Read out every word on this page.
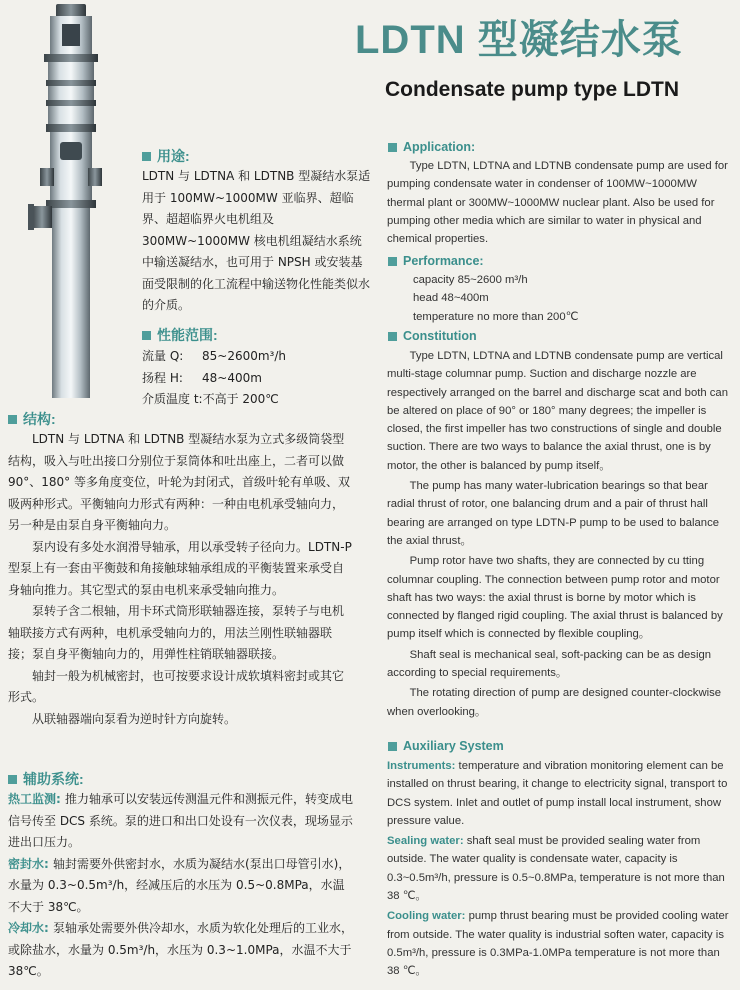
LDTN 型凝结水泵
Condensate pump type LDTN
用途:
LDTN 与 LDTNA 和 LDTNB 型凝结水泵适用于 100MW~1000MW 亚临界、超临界、超超临界火电机组及 300MW~1000MW 核电机组凝结水系统中输送凝结水，也可用于 NPSH 或安装基面受限制的化工流程中输送物化性能类似水的介质。
性能范围:
流量 Q: 85~2600m³/h
扬程 H: 48~400m
介质温度 t:不高于 200℃
结构:
LDTN 与 LDTNA 和 LDTNB 型凝结水泵为立式多级筒袋型结构，吸入与吐出接口分别位于泵筒体和吐出座上，二者可以做 90°、180° 等多角度变位，叶轮为封闭式，首级叶轮有单吸、双吸两种形式。平衡轴向力形式有两种：一种由电机承受轴向力，另一种是由泵自身平衡轴向力。
泵内设有多处水润滑导轴承，用以承受转子径向力。LDTN-P 型泵上有一套由平衡鼓和角接触球轴承组成的平衡装置来承受自身轴向推力。其它型式的泵由电机来承受轴向推力。
泵转子含二根轴，用卡环式筒形联轴器连接，泵转子与电机轴联接方式有两种，电机承受轴向力的，用法兰刚性联轴器联接；泵自身平衡轴向力的，用弹性柱销联轴器联接。
轴封一般为机械密封，也可按要求设计成软填料密封或其它形式。
从联轴器端向泵看为逆时针方向旋转。
辅助系统:
热工监测: 推力轴承可以安装远传测温元件和测振元件，转变成电信号传至 DCS 系统。泵的进口和出口处设有一次仪表，现场显示进出口压力。
密封水: 轴封需要外供密封水，水质为凝结水(泵出口母管引水)，水量为 0.3~0.5m³/h，经减压后的水压为 0.5~0.8MPa，水温不大于 38℃。
冷却水: 泵轴承处需要外供冷却水，水质为软化处理后的工业水，或除盐水，水量为 0.5m³/h，水压为 0.3~1.0MPa，水温不大于 38℃。
Application:
Type LDTN, LDTNA and LDTNB condensate pump are used for pumping condensate water in condenser of 100MW~1000MW thermal plant or 300MW~1000MW nuclear plant. Also be used for pumping other media which are similar to water in physical and chemical properties.
Performance:
capacity 85~2600 m³/h
head 48~400m
temperature no more than 200℃
Constitution
Type LDTN, LDTNA and LDTNB condensate pump are vertical multi-stage columnar pump. Suction and discharge nozzle are respectively arranged on the barrel and discharge scat and both can be altered on place of 90° or 180° many degrees; the impeller is closed, the first impeller has two constructions of single and double suction. There are two ways to balance the axial thrust, one is by motor, the other is balanced by pump itself。
The pump has many water-lubrication bearings so that bear radial thrust of rotor, one balancing drum and a pair of thrust hall bearing are arranged on type LDTN-P pump to be used to balance the axial thrust。
Pump rotor have two shafts, they are connected by cu tting columnar coupling. The connection between pump rotor and motor shaft has two ways: the axial thrust is borne by motor which is connected by flanged rigid coupling. The axial thrust is balanced by pump itself which is connected by flexible coupling。
Shaft seal is mechanical seal, soft-packing can be as design according to special requirements。
The rotating direction of pump are designed counter-clockwise when overlooking。
Auxiliary System
Instruments: temperature and vibration monitoring element can be installed on thrust bearing, it change to electricity signal, transport to DCS system. Inlet and outlet of pump install local instrument, show pressure value.
Sealing water: shaft seal must be provided sealing water from outside. The water quality is condensate water, capacity is 0.3~0.5m³/h, pressure is 0.5~0.8MPa, temperature is not more than 38 ℃。
Cooling water: pump thrust bearing must be provided cooling water from outside. The water quality is industrial soften water, capacity is 0.5m³/h, pressure is 0.3MPa-1.0MPa temperature is not more than 38 ℃。
